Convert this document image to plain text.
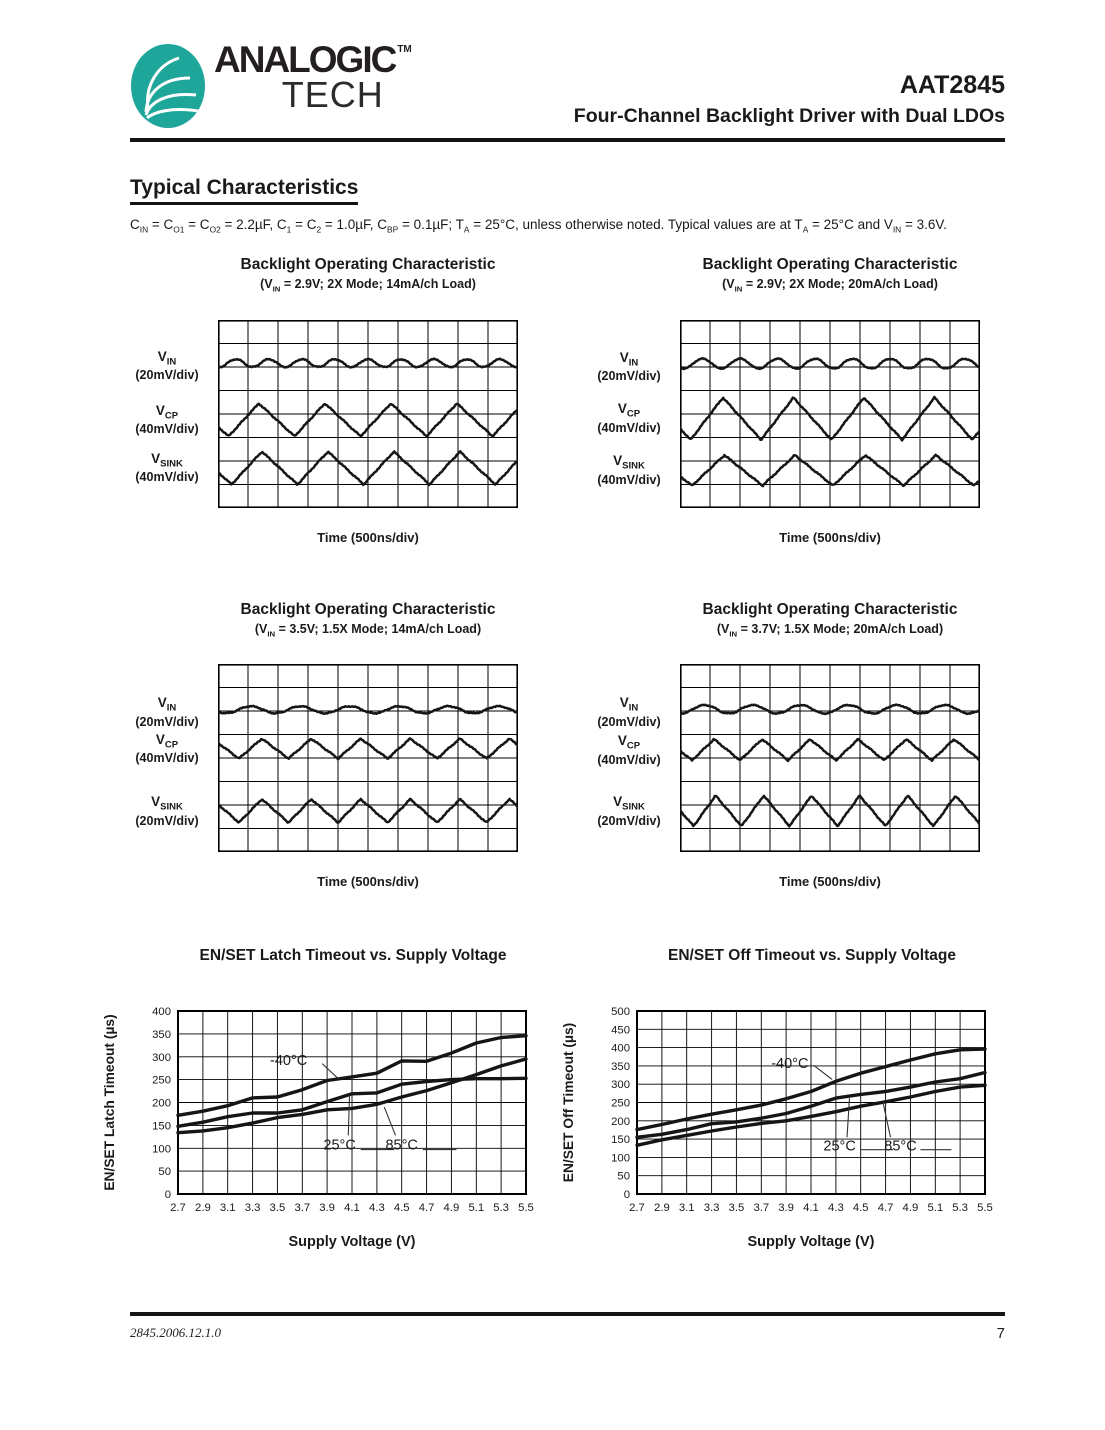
ANALOGIC ™
TECH	AAT2845
Four-Channel Backlight Driver with Dual LDOs
Typical Characteristics

$C_{IN} = C_{O1} = C_{O2} = 2.2\mu F$, $C_1 = C_2 = 1.0\mu F$, $C_{BP} = 0.1\mu F$; $T_A = 25^\circ C$, unless otherwise noted. Typical values are at $T_A = 25^\circ C$ and $V_{IN} = 3.6V$.

Backlight Operating Characteristic
($V_{IN} = 2.9V$; 2X Mode; 14mA/ch Load)
$V_{IN}$
(20mV/div)
$V_{CP}$
(40mV/div)
$V_{SINK}$
(40mV/div)
Time (500ns/div)
Backlight Operating Characteristic
($V_{IN} = 2.9V$; 2X Mode; 20mA/ch Load)
$V_{IN}$
(20mV/div)
$V_{CP}$
(40mV/div)
$V_{SINK}$
(40mV/div)
Time (500ns/div)
Backlight Operating Characteristic
($V_{IN} = 3.5V$; 1.5X Mode; 14mA/ch Load)
$V_{IN}$
(20mV/div)
$V_{CP}$
(40mV/div)
$V_{SINK}$
(20mV/div)
Time (500ns/div)
Backlight Operating Characteristic
($V_{IN} = 3.7V$; 1.5X Mode; 20mA/ch Load)
$V_{IN}$
(20mV/div)
$V_{CP}$
(40mV/div)
$V_{SINK}$
(20mV/div)
Time (500ns/div)
EN/SET Latch Timeout vs. Supply Voltage
2.7 2.9 3.1 3.3 3.5 3.7 3.9 4.1 4.3 4.5 4.7 4.9 5.1 5.3 5.5
0
50
100
150
200
250
300
350
400
-40°C
25°C 85°C
Supply Voltage (V)
EN/SET Latch Timeout (µs)
EN/SET Off Timeout vs. Supply Voltage
2.7 2.9 3.1 3.3 3.5 3.7 3.9 4.1 4.3 4.5 4.7 4.9 5.1 5.3 5.5
0
50
100
150
200
250
300
350
400
450
500
-40°C
25°C 85°C
Supply Voltage (V)
EN/SET Off Timeout (µs)
2845.2006.12.1.0	7
